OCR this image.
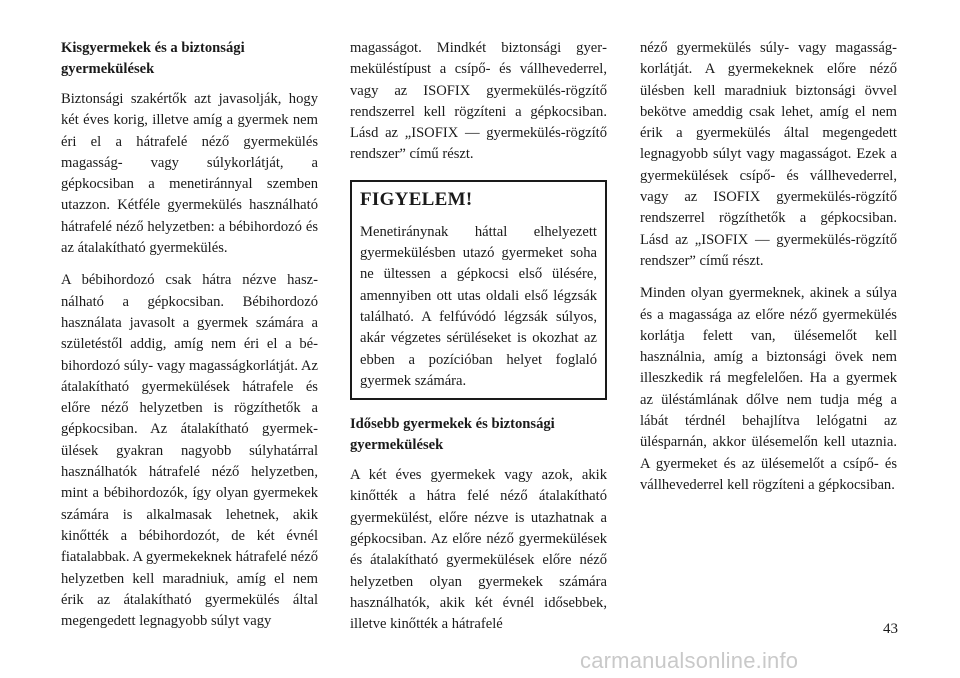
Kisgyermekek és a biztonsági gyermekülések

Biztonsági szakértők azt javasolják, hogy két éves korig, illetve amíg a gyermek nem éri el a hátrafelé néző gyermekülés magasság- vagy súlykorlátját, a gépkocsiban a menetiránnyal szemben utazzon. Kétféle gyermekülés használható hátrafelé néző helyzetben: a bébihordozó és az átalakítható gyermekülés.

A bébihordozó csak hátra nézve használható a gépkocsiban. Bébihordozó használata javasolt a gyermek számára a születéstől addig, amíg nem éri el a bébihordozó súly- vagy magasságkorlátját. Az átalakítható gyermekülések hátrafele és előre néző helyzetben is rögzíthetők a gépkocsiban. Az átalakítható gyermekülések gyakran nagyobb súlyhatárral használhatók hátrafelé néző helyzetben, mint a bébihordozók, így olyan gyermekek számára is alkalmasak lehetnek, akik kinőtték a bébihordozót, de két évnél fiatalabbak. A gyermekeknek hátrafelé néző helyzetben kell maradniuk, amíg el nem érik az átalakítható gyermekülés által megengedett legnagyobb súlyt vagy

magasságot. Mindkét biztonsági gyermeküléstípust a csípő- és vállhevederrel, vagy az ISOFIX gyermekülés-rögzítő rendszerrel kell rögzíteni a gépkocsiban. Lásd az „ISOFIX — gyermekülés-rögzítő rendszer” című részt.

FIGYELEM!

Menetiránynak háttal elhelyezett gyermekülésben utazó gyermeket soha ne ültessen a gépkocsi első ülésére, amennyiben ott utas oldali első légzsák található. A felfúvódó légzsák súlyos, akár végzetes sérüléseket is okozhat az ebben a pozícióban helyet foglaló gyermek számára.

Idősebb gyermekek és biztonsági gyermekülések

A két éves gyermekek vagy azok, akik kinőtték a hátra felé néző átalakítható gyermekülést, előre nézve is utazhatnak a gépkocsiban. Az előre néző gyermekülések és átalakítható gyermekülések előre néző helyzetben olyan gyermekek számára használhatók, akik két évnél idősebbek, illetve kinőtték a hátrafelé

néző gyermekülés súly- vagy magasságkorlátját. A gyermekeknek előre néző ülésben kell maradniuk biztonsági övvel bekötve ameddig csak lehet, amíg el nem érik a gyermekülés által megengedett legnagyobb súlyt vagy magasságot. Ezek a gyermekülések csípő- és vállhevederrel, vagy az ISOFIX gyermekülés-rögzítő rendszerrel rögzíthetők a gépkocsiban. Lásd az „ISOFIX — gyermekülés-rögzítő rendszer” című részt.

Minden olyan gyermeknek, akinek a súlya és a magassága az előre néző gyermekülés korlátja felett van, ülésemelőt kell használnia, amíg a biztonsági övek nem illeszkedik rá megfelelően. Ha a gyermek az üléstámlának dőlve nem tudja még a lábát térdnél behajlítva lelógatni az ülésparnán, akkor ülésemelőn kell utaznia. A gyermeket és az ülésemelőt a csípő- és vállhevederrel kell rögzíteni a gépkocsiban.

43
carmanualsonline.info
